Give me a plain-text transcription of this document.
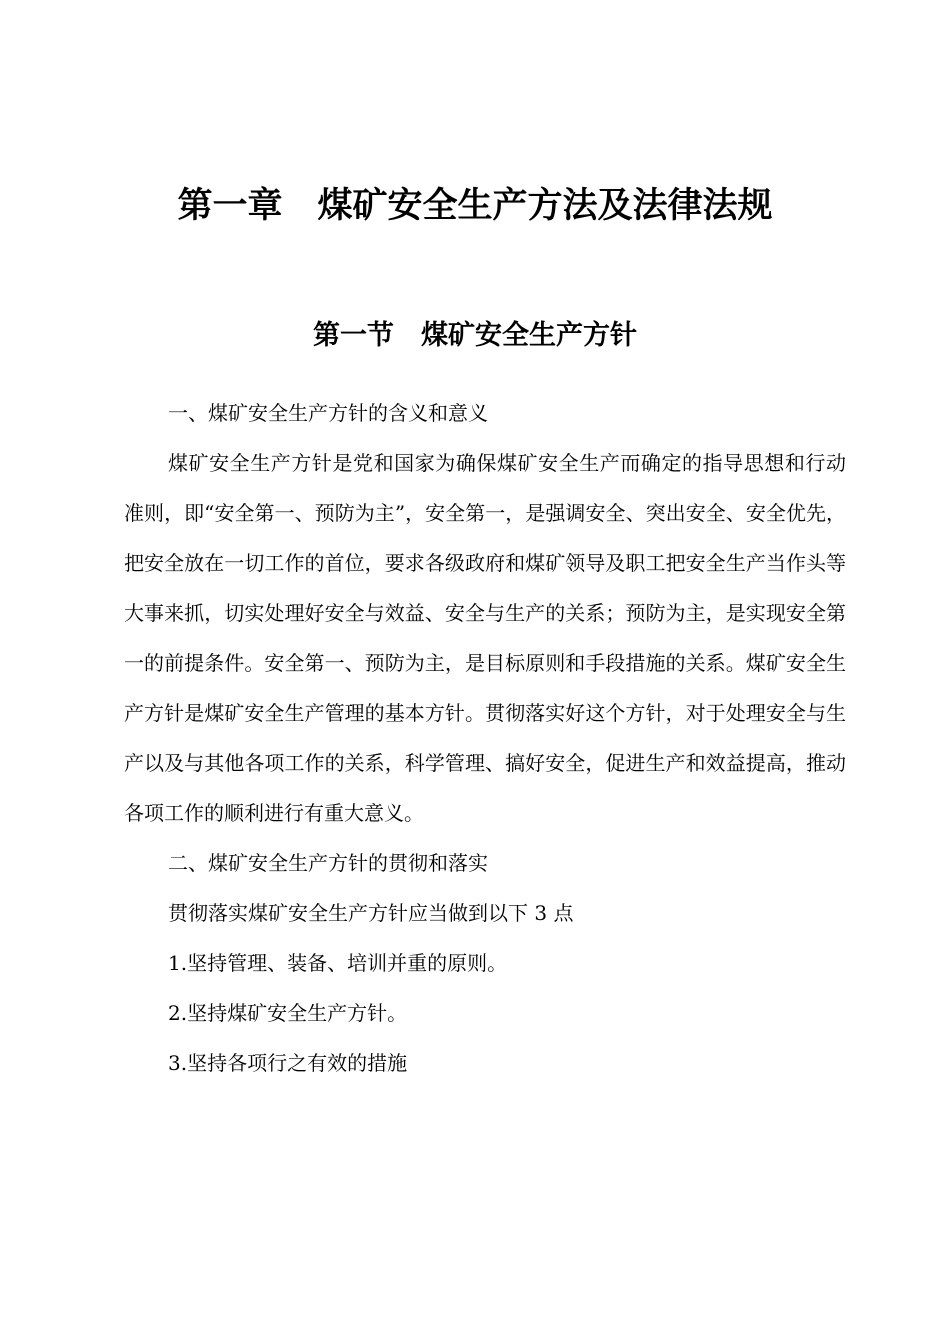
第一章　煤矿安全生产方法及法律法规
第一节　煤矿安全生产方针

一、煤矿安全生产方针的含义和意义

煤矿安全生产方针是党和国家为确保煤矿安全生产而确定的指导思想和行动准则，即“安全第一、预防为主”，安全第一，是强调安全、突出安全、安全优先，把安全放在一切工作的首位，要求各级政府和煤矿领导及职工把安全生产当作头等大事来抓，切实处理好安全与效益、安全与生产的关系；预防为主，是实现安全第一的前提条件。安全第一、预防为主，是目标原则和手段措施的关系。煤矿安全生产方针是煤矿安全生产管理的基本方针。贯彻落实好这个方针，对于处理安全与生产以及与其他各项工作的关系，科学管理、搞好安全，促进生产和效益提高，推动各项工作的顺利进行有重大意义。

二、煤矿安全生产方针的贯彻和落实

贯彻落实煤矿安全生产方针应当做到以下 3 点

1.坚持管理、装备、培训并重的原则。

2.坚持煤矿安全生产方针。

3.坚持各项行之有效的措施
